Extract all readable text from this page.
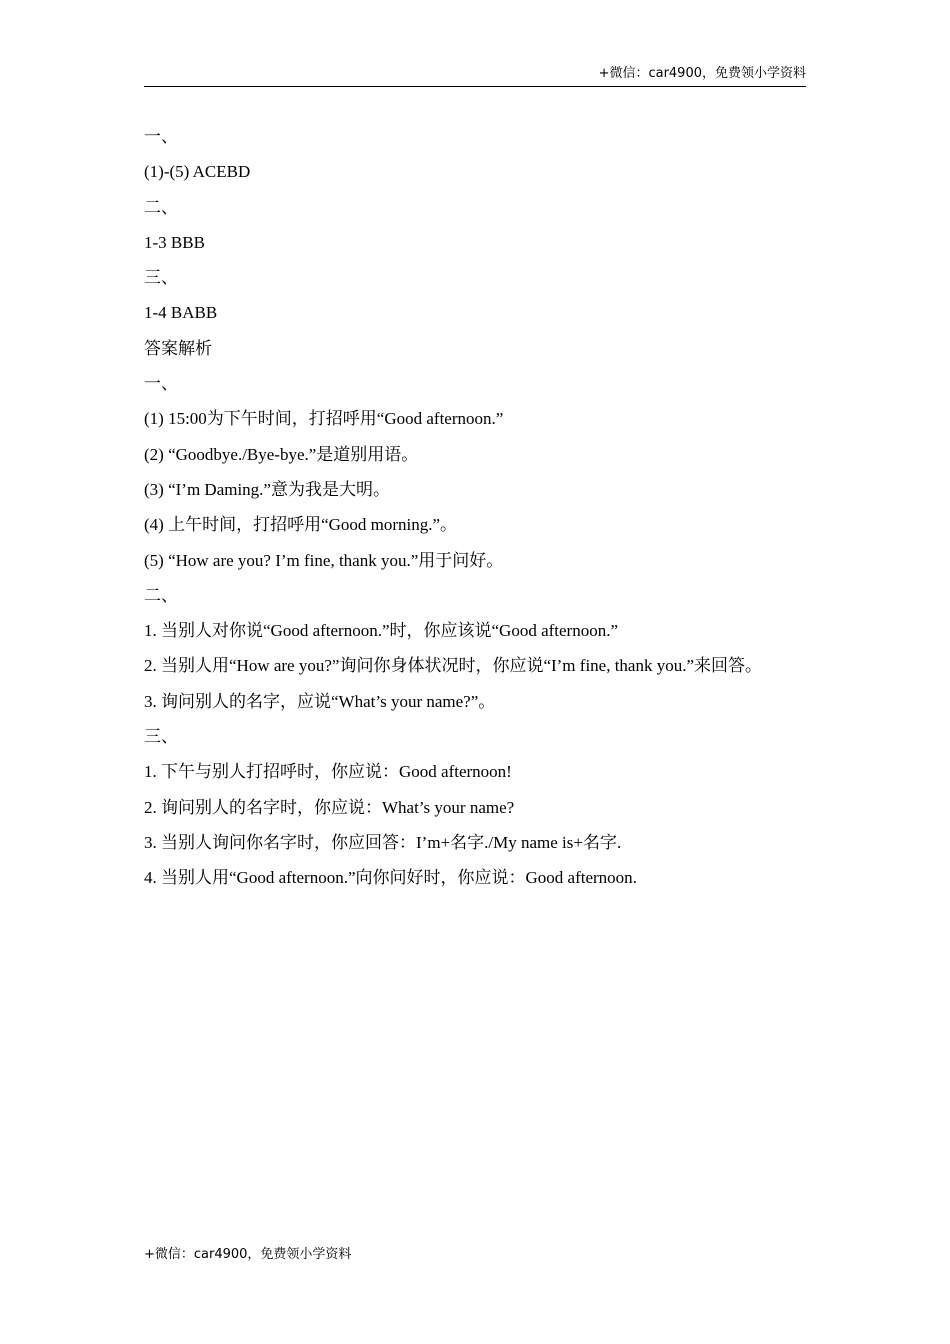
+微信：car4900，免费领小学资料
一、
(1)-(5) ACEBD
二、
1-3 BBB
三、
1-4 BABB
答案解析
一、
(1) 15:00为下午时间，打招呼用“Good afternoon.”
(2) “Goodbye./Bye-bye.”是道别用语。
(3) “I’m Daming.”意为我是大明。
(4) 上午时间，打招呼用“Good morning.”。
(5) “How are you? I’m fine, thank you.”用于问好。
二、
1. 当别人对你说“Good afternoon.”时，你应该说“Good afternoon.”
2. 当别人用“How are you?”询问你身体状况时，你应说“I’m fine, thank you.”来回答。
3. 询问别人的名字，应说“What’s your name?”。
三、
1. 下午与别人打招呼时，你应说：Good afternoon!
2. 询问别人的名字时，你应说：What’s your name?
3. 当别人询问你名字时，你应回答：I’m+名字./My name is+名字.
4. 当别人用“Good afternoon.”向你问好时，你应说：Good afternoon.
+微信：car4900，免费领小学资料
